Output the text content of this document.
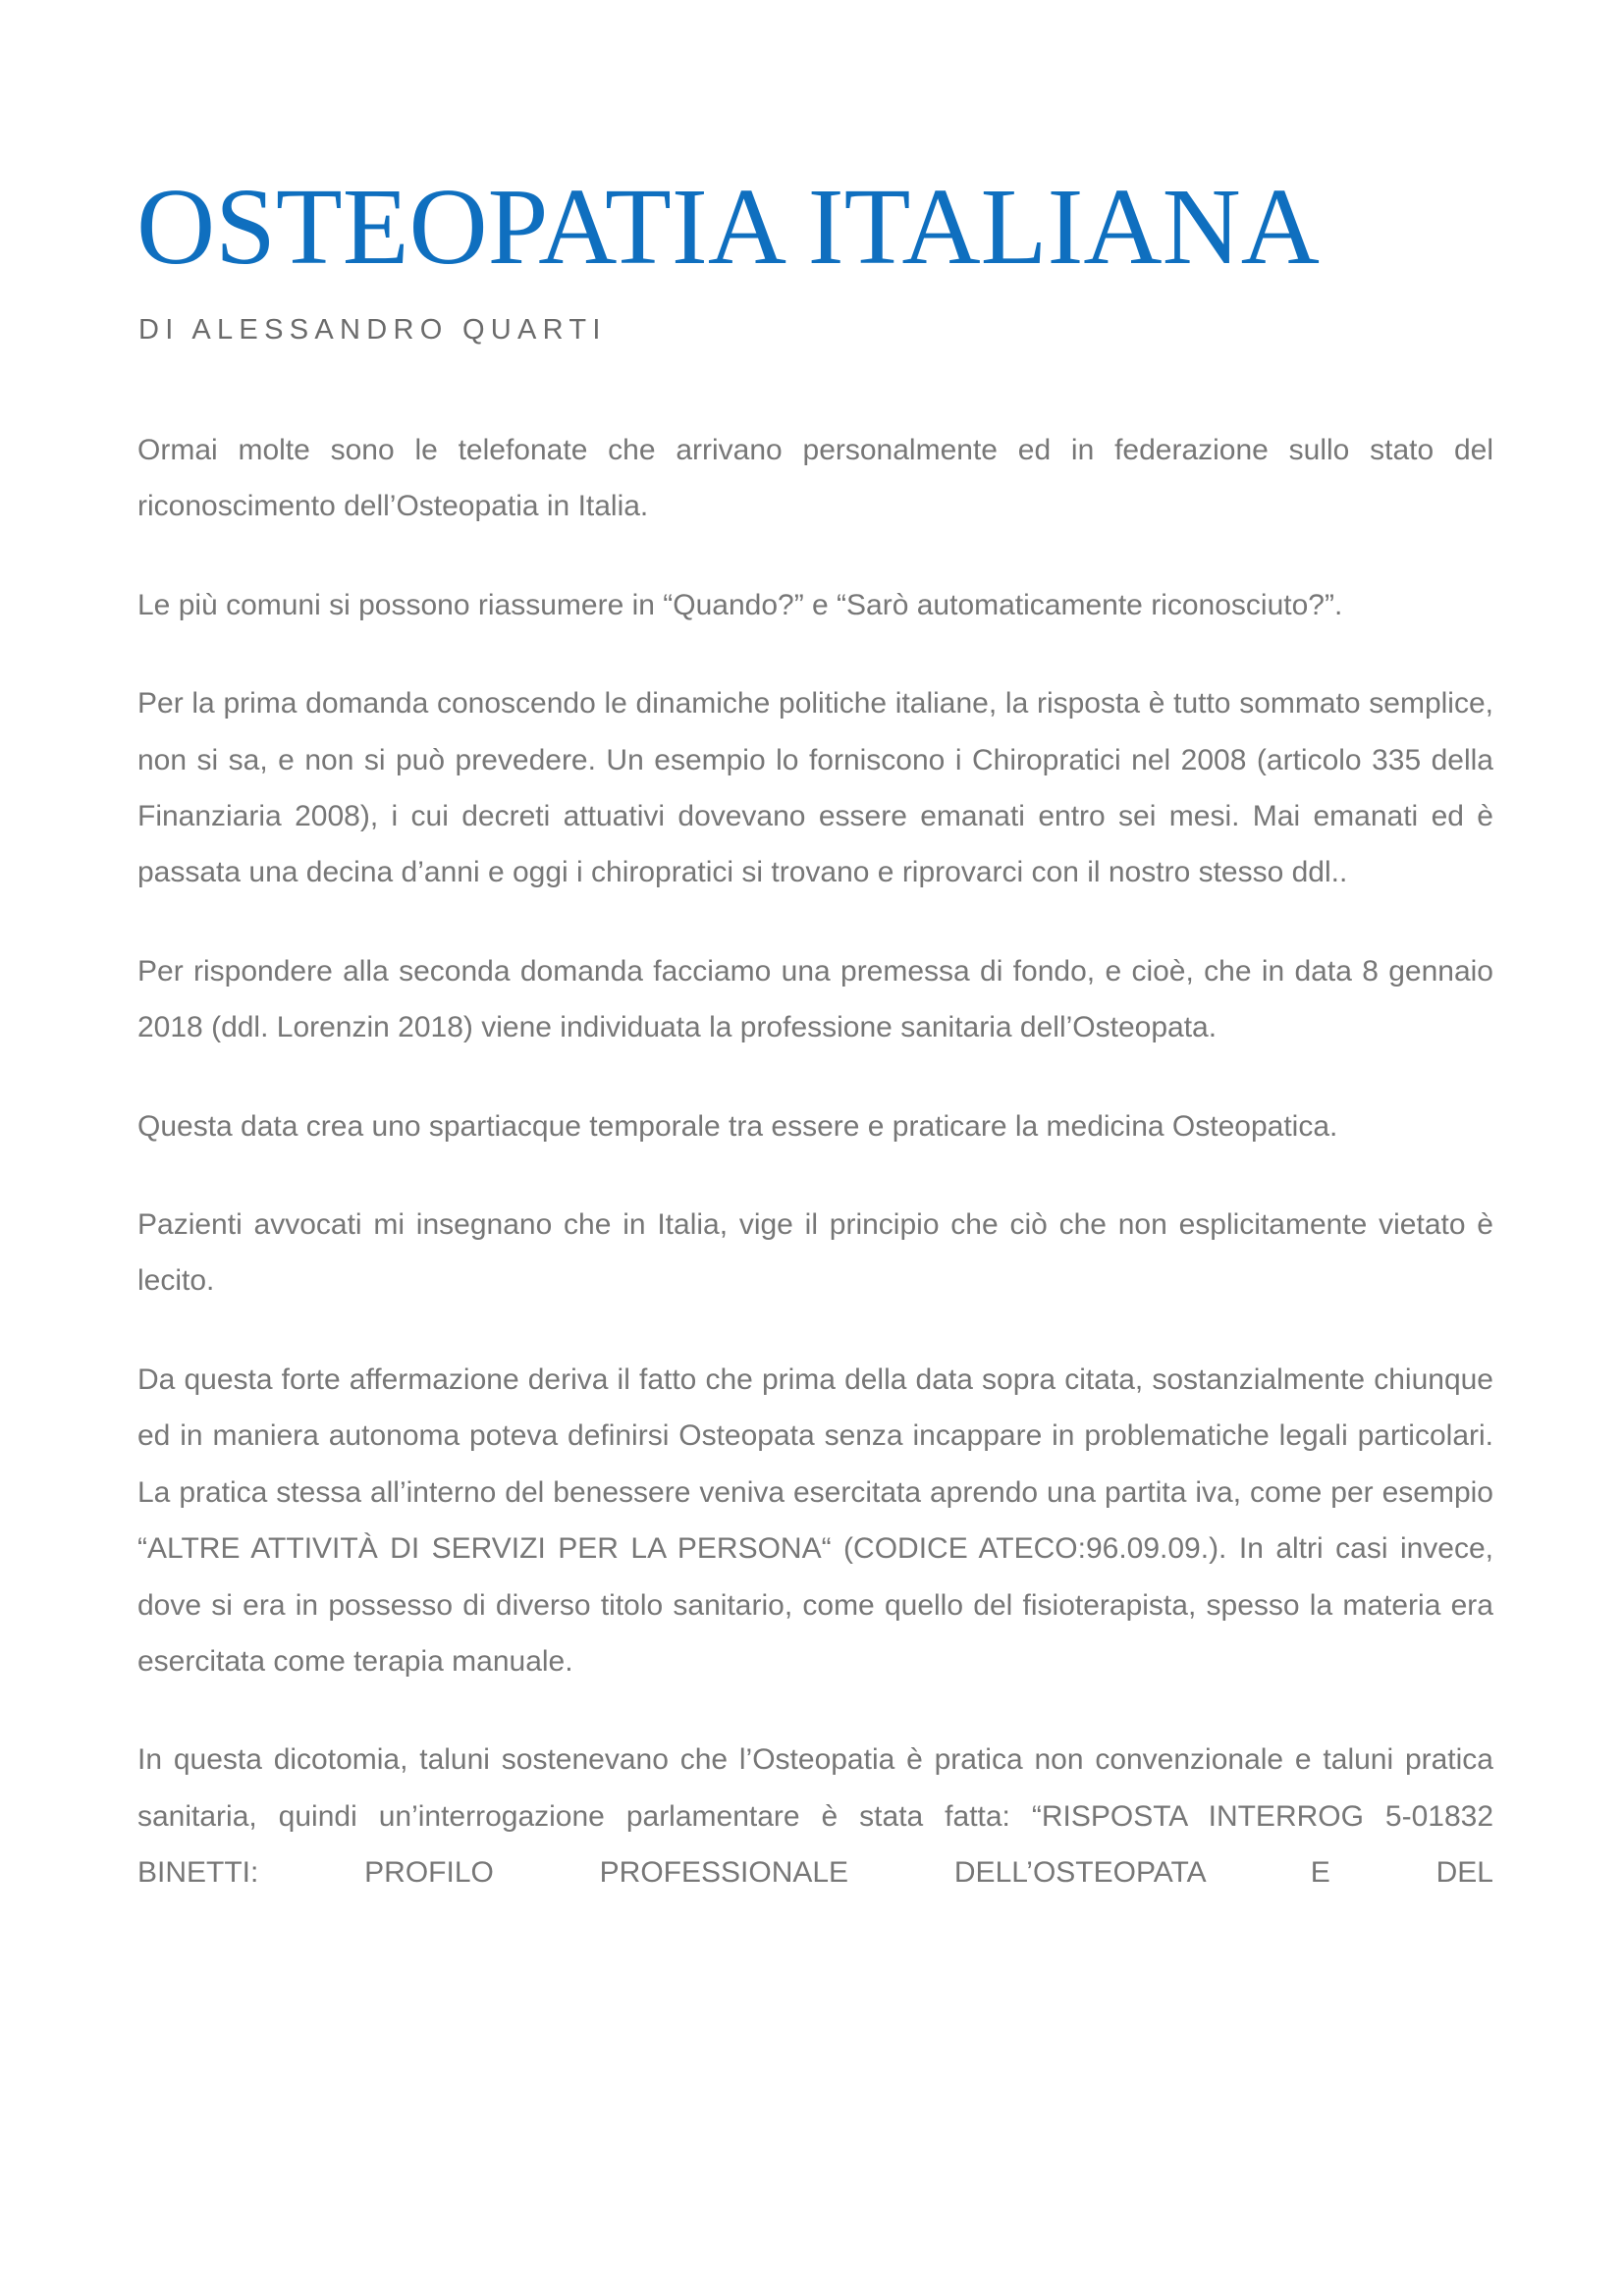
OSTEOPATIA ITALIANA
DI ALESSANDRO QUARTI

Ormai molte sono le telefonate che arrivano personalmente ed in federazione sullo stato del riconoscimento dell’Osteopatia in Italia.

Le più comuni si possono riassumere in “Quando?” e “Sarò automaticamente riconosciuto?”.

Per la prima domanda conoscendo le dinamiche politiche italiane, la risposta è tutto sommato semplice, non si sa, e non si può prevedere. Un esempio lo forniscono i Chiropratici nel 2008 (articolo 335 della Finanziaria 2008), i cui decreti attuativi dovevano essere emanati entro sei mesi. Mai emanati ed è passata una decina d’anni e oggi i chiropratici si trovano e riprovarci con il nostro stesso ddl..

Per rispondere alla seconda domanda facciamo una premessa di fondo, e cioè, che in data 8 gennaio 2018 (ddl. Lorenzin 2018) viene individuata la professione sanitaria dell’Osteopata.

Questa data crea uno spartiacque temporale tra essere e praticare la medicina Osteopatica.

Pazienti avvocati mi insegnano che in Italia, vige il principio che ciò che non esplicitamente vietato è lecito.

Da questa forte affermazione deriva il fatto che prima della data sopra citata, sostanzialmente chiunque ed in maniera autonoma poteva definirsi Osteopata senza incappare in problematiche legali particolari. La pratica stessa all’interno del benessere veniva esercitata aprendo una partita iva, come per esempio “ALTRE ATTIVITÀ DI SERVIZI PER LA PERSONA“ (CODICE ATECO:96.09.09.). In altri casi invece, dove si era in possesso di diverso titolo sanitario, come quello del fisioterapista, spesso la materia era esercitata come terapia manuale.

In questa dicotomia, taluni sostenevano che l’Osteopatia è pratica non convenzionale e taluni pratica sanitaria, quindi un’interrogazione parlamentare è stata fatta: “RISPOSTA INTERROG 5-01832 BINETTI: PROFILO PROFESSIONALE DELL’OSTEOPATA E DEL
